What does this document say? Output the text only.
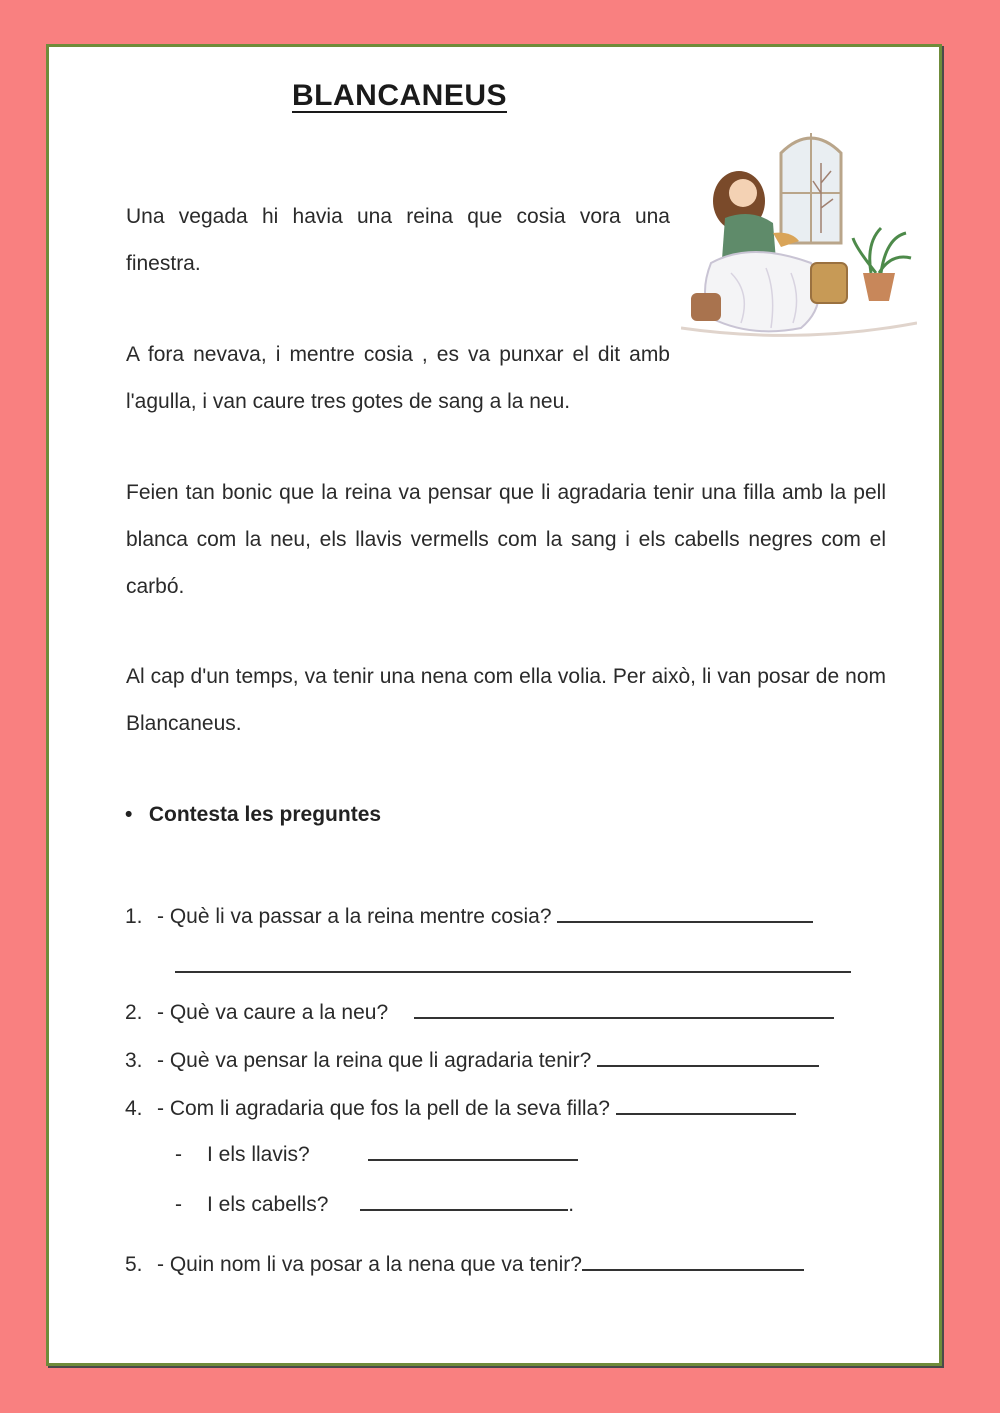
BLANCANEUS

Una vegada hi havia una reina que cosia vora una finestra.

A fora nevava, i mentre cosia , es va punxar el dit amb l'agulla, i van caure tres gotes de sang a la neu.

Feien tan bonic que la reina va pensar que li agradaria tenir una filla amb la pell blanca com la neu, els llavis vermells com la sang i els cabells negres com el carbó.

Al cap d'un temps, va tenir una nena com ella volia. Per això, li van posar de nom Blancaneus.

• Contesta les preguntes
1. - Què li va passar a la reina mentre cosia?
2. - Què va caure a la neu?
3. - Què va pensar la reina que li agradaria tenir?
4. - Com li agradaria que fos la pell de la seva filla?
- I els llavis?
- I els cabells?	.
5. - Quin nom li va posar a la nena que va tenir?
